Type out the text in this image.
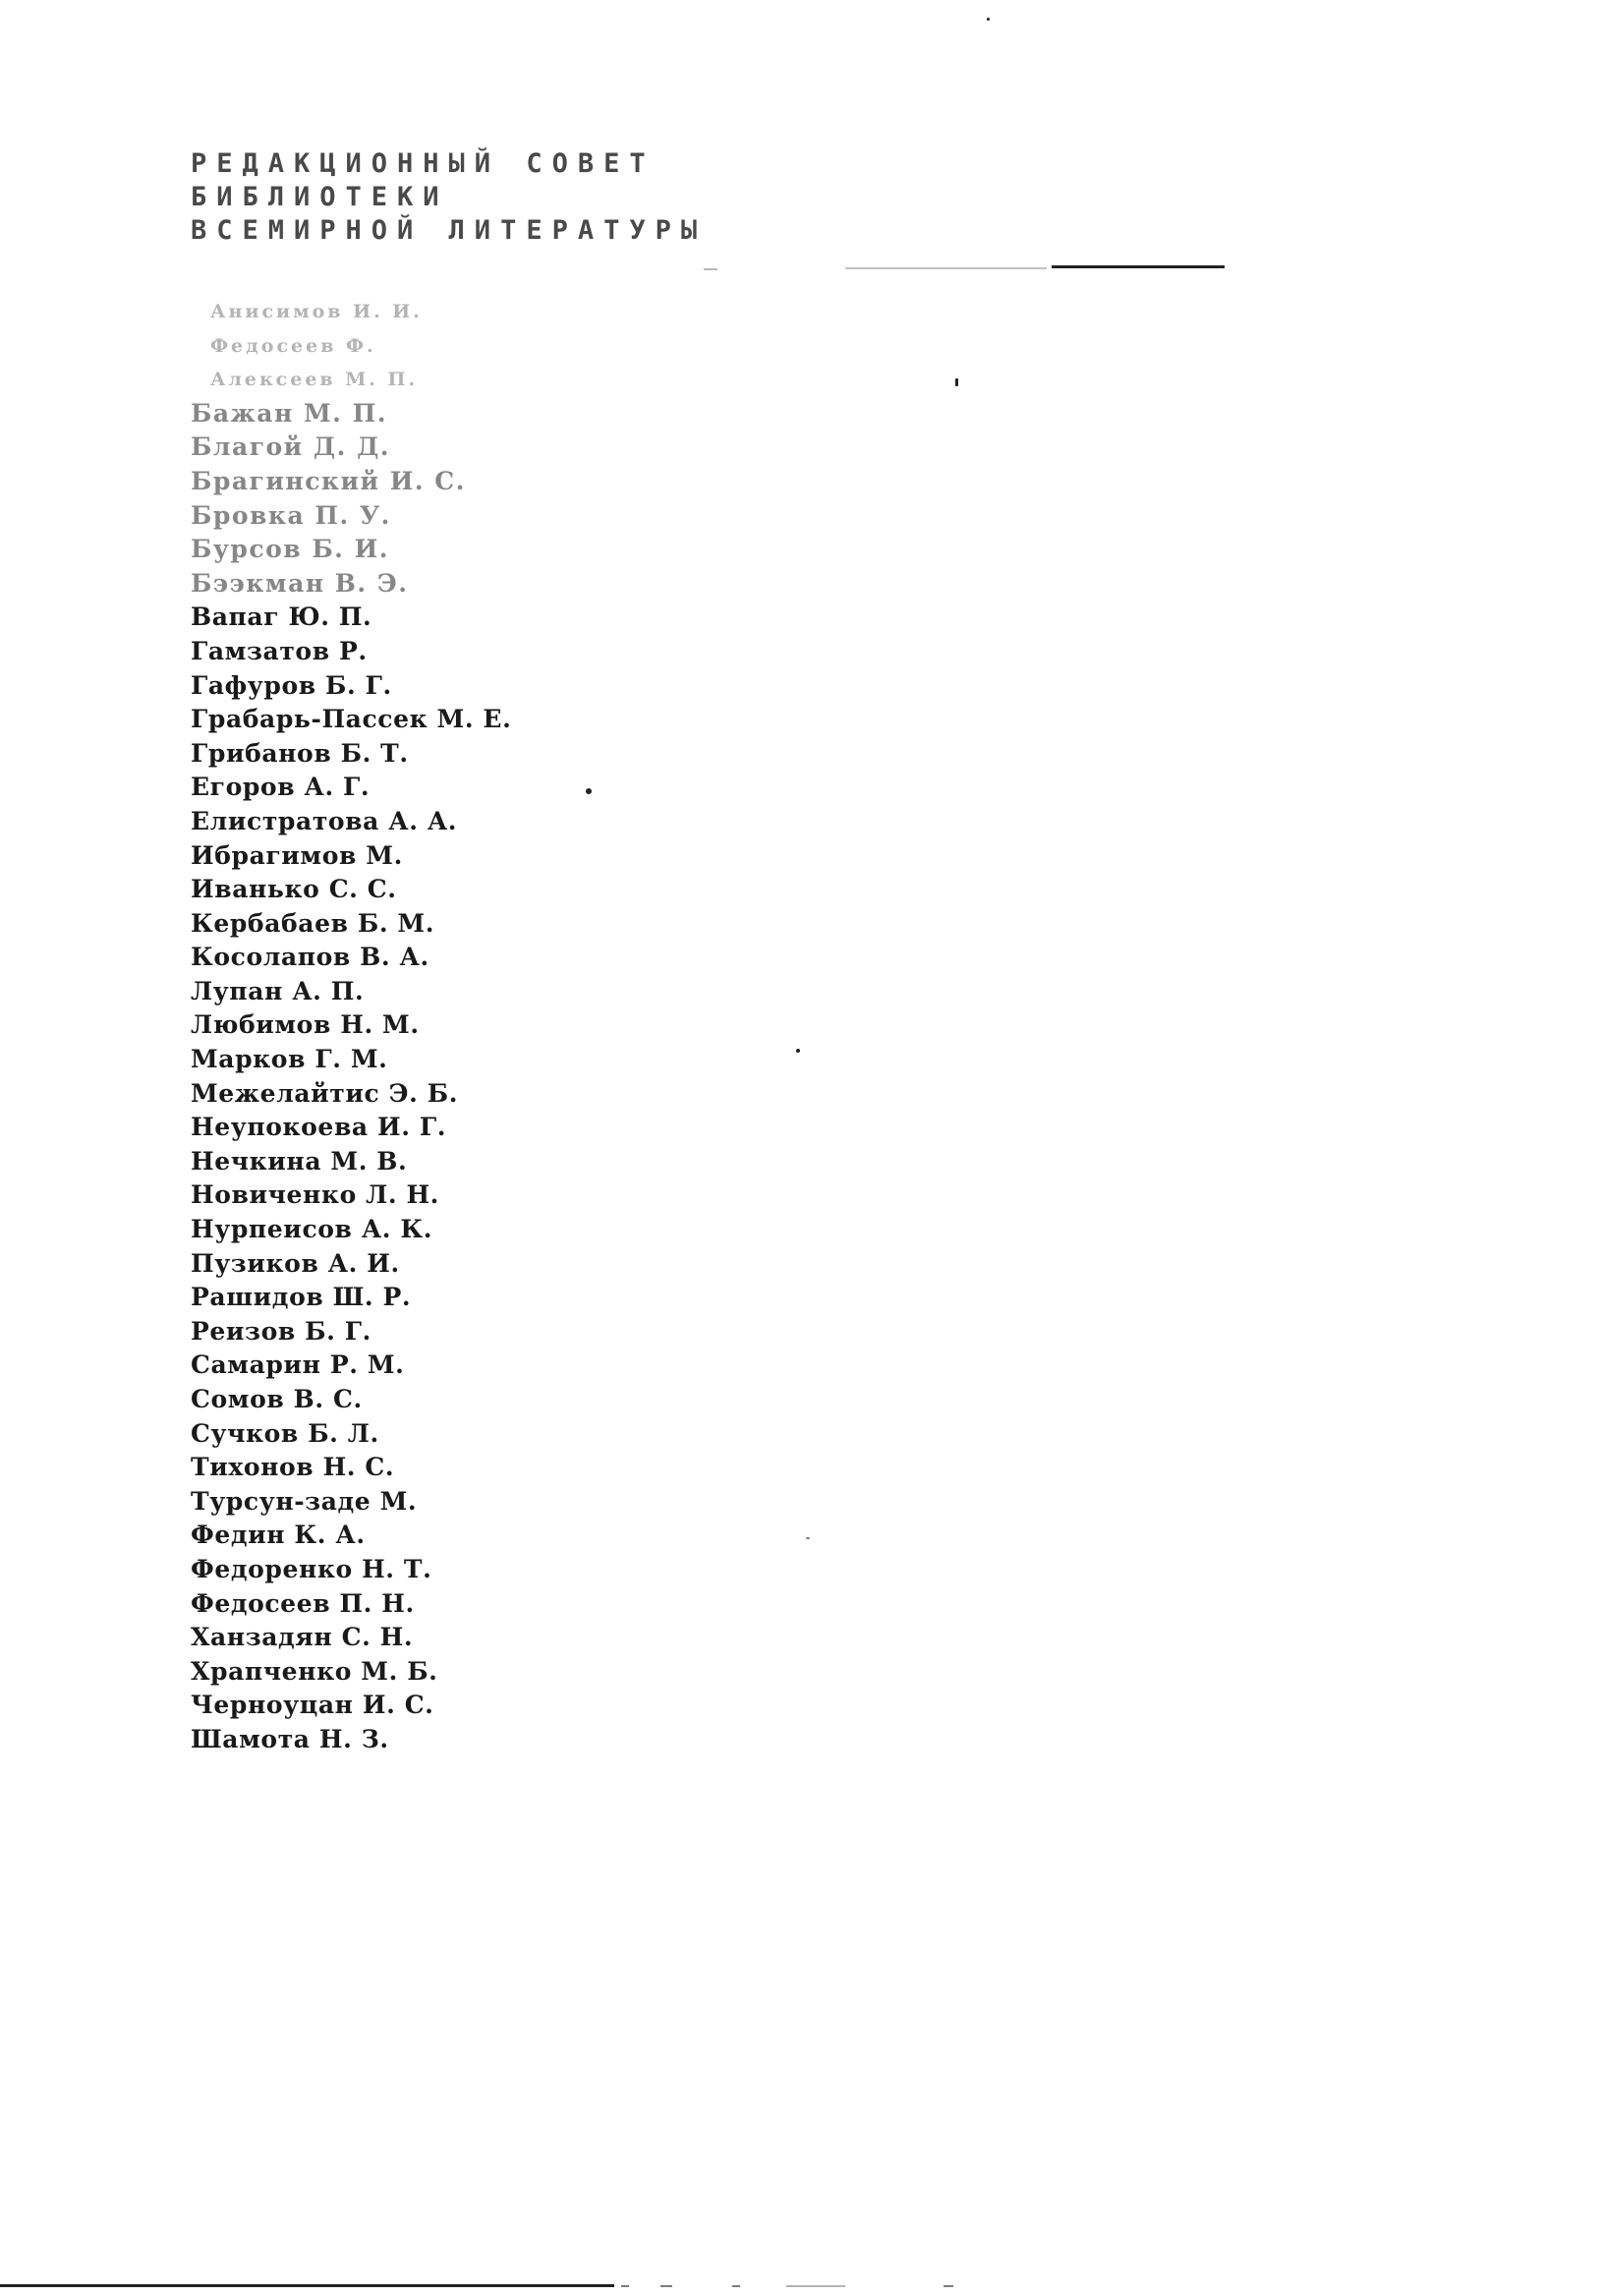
РЕДАКЦИОННЫЙ СОВЕТ
БИБЛИОТЕКИ
ВСЕМИРНОЙ ЛИТЕРАТУРЫ
Анисимов И. И.
Федосеев Ф.
Алексеев М. П.
Бажан М. П.
Благой Д. Д.
Брагинский И. С.
Бровка П. У.
Бурсов Б. И.
Бээкман В. Э.
Вапаг Ю. П.
Гамзатов Р.
Гафуров Б. Г.
Грабарь-Пассек М. Е.
Грибанов Б. Т.
Егоров А. Г.
Елистратова А. А.
Ибрагимов М.
Иванько С. С.
Кербабаев Б. М.
Косолапов В. А.
Лупан А. П.
Любимов Н. М.
Марков Г. М.
Межелайтис Э. Б.
Неупокоева И. Г.
Нечкина М. В.
Новиченко Л. Н.
Нурпеисов А. К.
Пузиков А. И.
Рашидов Ш. Р.
Реизов Б. Г.
Самарин Р. М.
Сомов В. С.
Сучков Б. Л.
Тихонов Н. С.
Турсун-заде М.
Федин К. А.
Федоренко Н. Т.
Федосеев П. Н.
Ханзадян С. Н.
Храпченко М. Б.
Черноуцан И. С.
Шамота Н. З.
